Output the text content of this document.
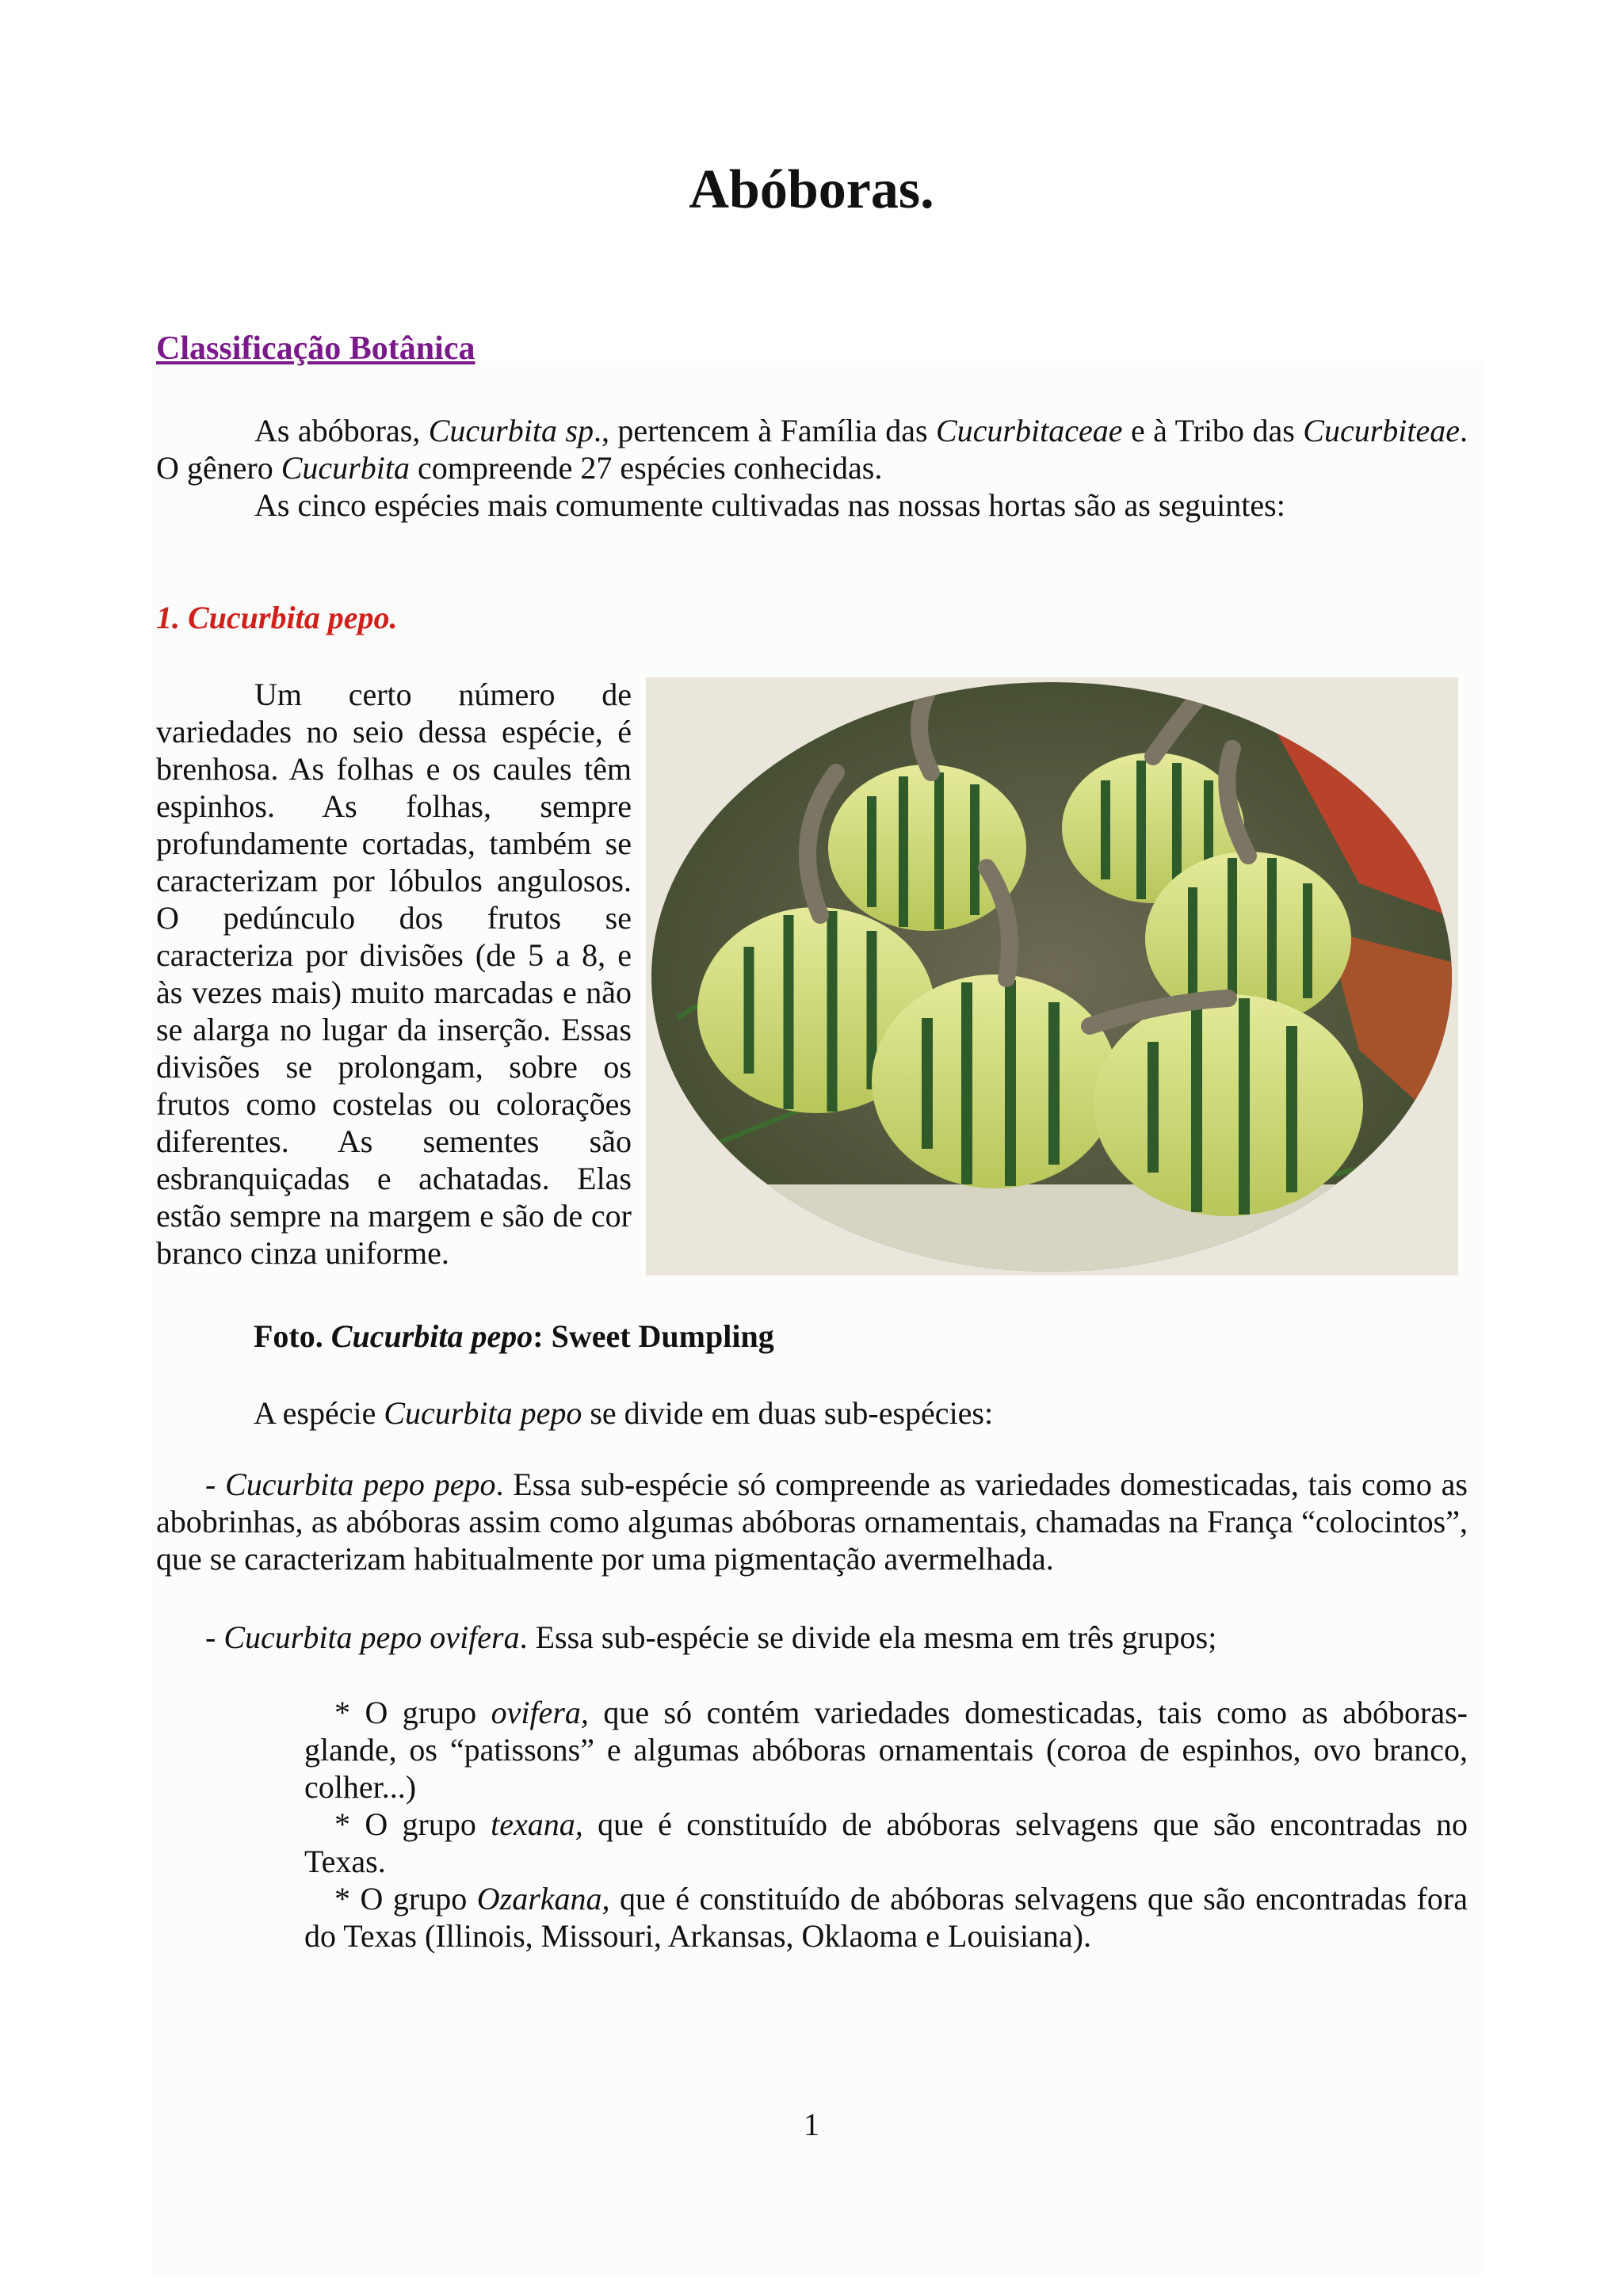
Abóboras.
Classificação Botânica

As abóboras, Cucurbita sp., pertencem à Família das Cucurbitaceae e à Tribo das Cucurbiteae. O gênero Cucurbita compreende 27 espécies conhecidas.

As cinco espécies mais comumente cultivadas nas nossas hortas são as seguintes:

1. Cucurbita pepo.

Um certo número de variedades no seio dessa espécie, é brenhosa. As folhas e os caules têm espinhos. As folhas, sempre profundamente cortadas, também se caracterizam por lóbulos angulosos. O pedúnculo dos frutos se caracteriza por divisões (de 5 a 8, e às vezes mais) muito marcadas e não se alarga no lugar da inserção. Essas divisões se prolongam, sobre os frutos como costelas ou colorações diferentes. As sementes são esbranquiçadas e achatadas. Elas estão sempre na margem e são de cor branco cinza uniforme.

Foto. Cucurbita pepo: Sweet Dumpling

A espécie Cucurbita pepo se divide em duas sub-espécies:

- Cucurbita pepo pepo. Essa sub-espécie só compreende as variedades domesticadas, tais como as abobrinhas, as abóboras assim como algumas abóboras ornamentais, chamadas na França “colocintos”, que se caracterizam habitualmente por uma pigmentação avermelhada.

- Cucurbita pepo ovifera. Essa sub-espécie se divide ela mesma em três grupos;

* O grupo ovifera, que só contém variedades domesticadas, tais como as abóboras-glande, os “patissons” e algumas abóboras ornamentais (coroa de espinhos, ovo branco, colher...)

* O grupo texana, que é constituído de abóboras selvagens que são encontradas no Texas.

* O grupo Ozarkana, que é constituído de abóboras selvagens que são encontradas fora do Texas (Illinois, Missouri, Arkansas, Oklaoma e Louisiana).

1
